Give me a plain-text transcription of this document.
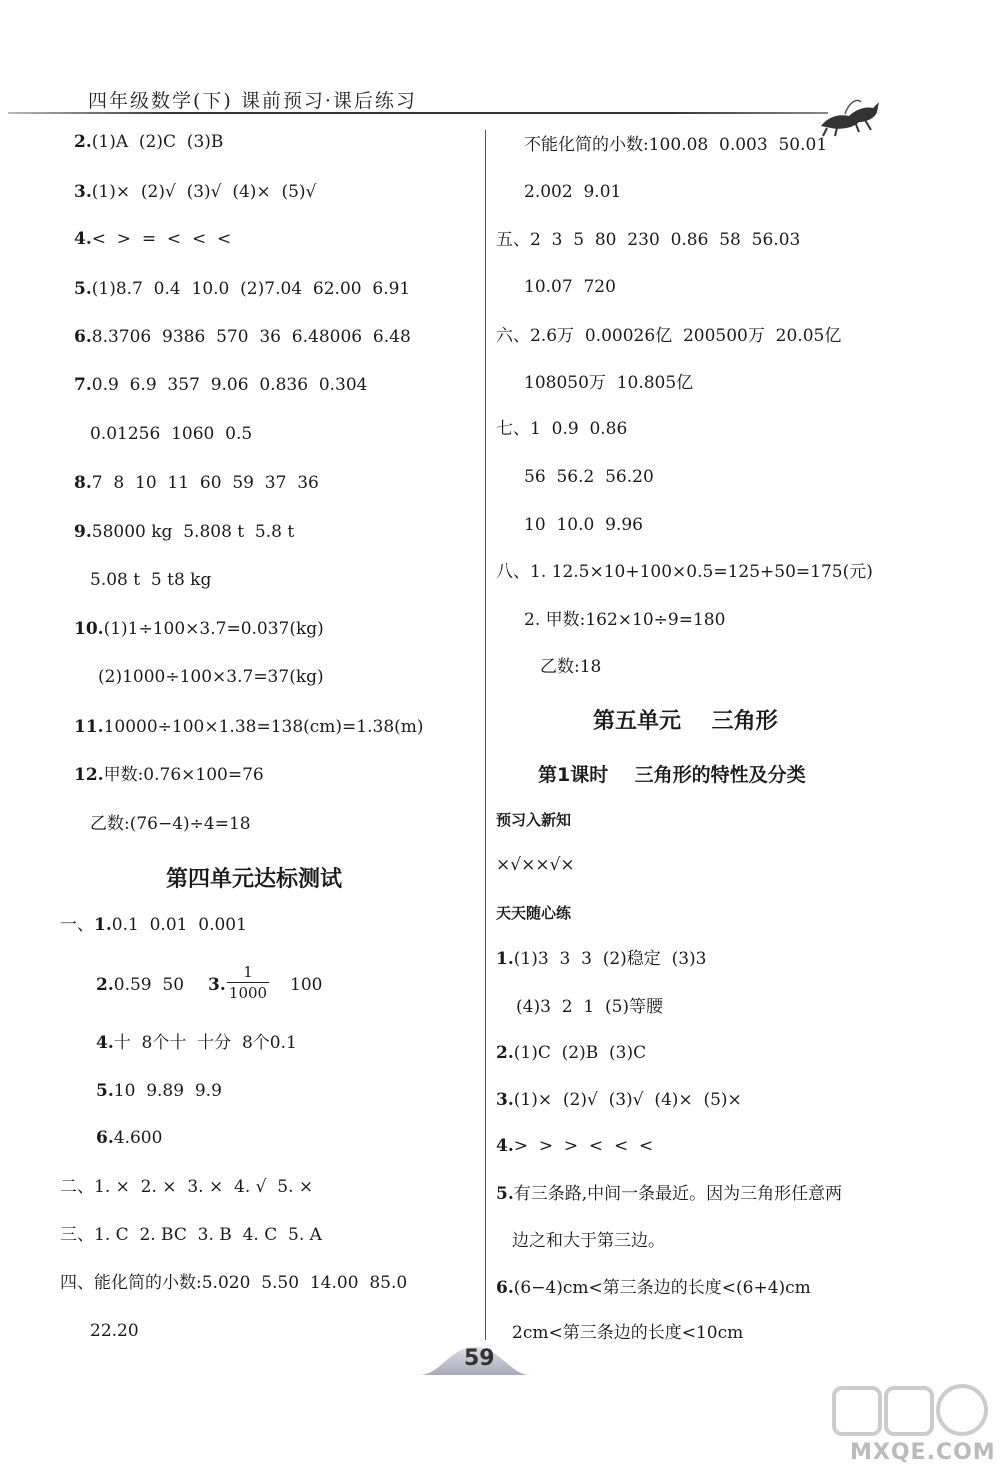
四年级数学(下) 课前预习·课后练习
2.(1)A  (2)C  (3)B
3.(1)×  (2)√  (3)√  (4)×  (5)√
4.<  >  =  <  <  <
5.(1)8.7  0.4  10.0  (2)7.04  62.00  6.91
6.8.3706  9386  570  36  6.48006  6.48
7.0.9  6.9  357  9.06  0.836  0.304
0.01256  1060  0.5
8.7  8  10  11  60  59  37  36
9.58000 kg  5.808 t  5.8 t
5.08 t  5 t8 kg
10.(1)1÷100×3.7=0.037(kg)
(2)1000÷100×3.7=37(kg)
11.10000÷100×1.38=138(cm)=1.38(m)
12.甲数:0.76×100=76
乙数:(76−4)÷4=18
第四单元达标测试
一、1.0.1  0.01  0.001
2.0.59  50 3.
1
1000 100
4.十  8个十  十分  8个0.1
5.10  9.89  9.9
6.4.600
二、1. ×  2. ×  3. ×  4. √  5. ×
三、1. C  2. BC  3. B  4. C  5. A
四、能化简的小数:5.020  5.50  14.00  85.0
22.20
不能化简的小数:100.08  0.003  50.01
2.002  9.01
五、2  3  5  80  230  0.86  58  56.03
10.07  720
六、2.6万  0.00026亿  200500万  20.05亿
108050万  10.805亿
七、1  0.9  0.86
56  56.2  56.20
10  10.0  9.96
八、1. 12.5×10+100×0.5=125+50=175(元)
2. 甲数:162×10÷9=180
乙数:18
第五单元    三角形
第1课时    三角形的特性及分类
预习入新知
×√××√×
天天随心练
1.(1)3  3  3  (2)稳定  (3)3
(4)3  2  1  (5)等腰
2.(1)C  (2)B  (3)C
3.(1)×  (2)√  (3)√  (4)×  (5)×
4.>  >  >  <  <  <
5.有三条路,中间一条最近。因为三角形任意两
边之和大于第三边。
6.(6−4)cm<第三条边的长度<(6+4)cm
2cm<第三条边的长度<10cm
59
MXQE.COM
